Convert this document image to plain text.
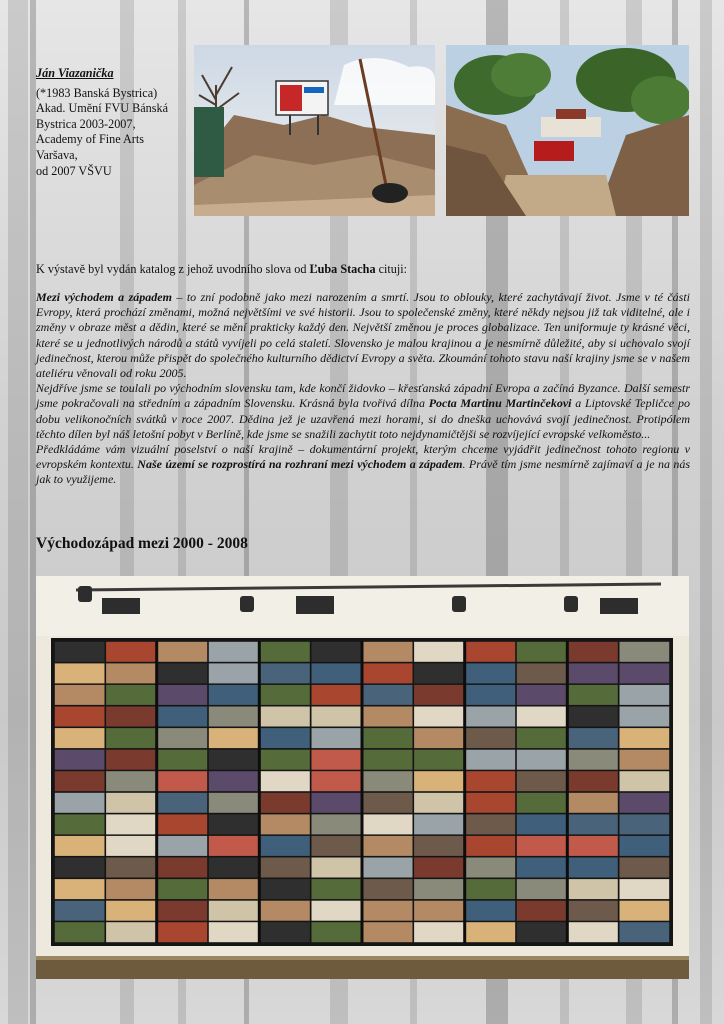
Ján Viazanička
(*1983 Banská Bystrica)
Akad. Umění FVU Bánská
Bystrica 2003-2007,
Academy of Fine Arts
Varšava,
od 2007 VŠVU
K výstavě byl vydán katalog z jehož uvodního slova od Ľuba Stacha cituji:

Mezi východem a západem – to zní podobně jako mezi narozením a smrtí. Jsou to oblouky, které zachytávají život. Jsme v té části Evropy, která prochází změnami, možná největšími ve své historii. Jsou to společenské změny, které někdy nejsou již tak viditelné, ale i změny v obraze měst a dědin, které se mění prakticky každý den. Největší změnou je proces globalizace. Ten uniformuje ty krásné věci, které se u jednotlivých národů a států vyvíjeli po celá staletí. Slovensko je malou krajinou a je nesmírně důležité, aby si uchovalo svojí jedinečnost, kterou může přispět do společného kulturního dědictví Evropy a světa. Zkoumání tohoto stavu naší krajiny jsme se v našem ateliéru věnovali od roku 2005.

Nejdříve jsme se toulali po východním slovensku tam, kde končí židovko – křesťanská západní Evropa a začíná Byzance. Další semestr jsme pokračovali na středním a západním Slovensku. Krásná byla tvořivá dílna Pocta Martinu Martinčekovi a Liptovské Tepličce po dobu velikonočních svátků v roce 2007. Dědina jež je uzavřená mezi horami, si do dneška uchovává svojí jedinečnost. Protipólem těchto dílen byl náš letošní pobyt v Berlíně, kde jsme se snažili zachytit toto nejdynamičtějši se rozvíjející evropské velkoměsto...

Předkládáme vám vizuální poselství o naší krajině – dokumentární projekt, kterým chceme vyjádřit jedinečnost tohoto regionu v evropském kontextu. Naše území se rozprostírá na rozhraní mezi východem a západem. Právě tím jsme nesmírně zajímaví a je na nás jak to využijeme.

Východozápad mezi 2000 - 2008
